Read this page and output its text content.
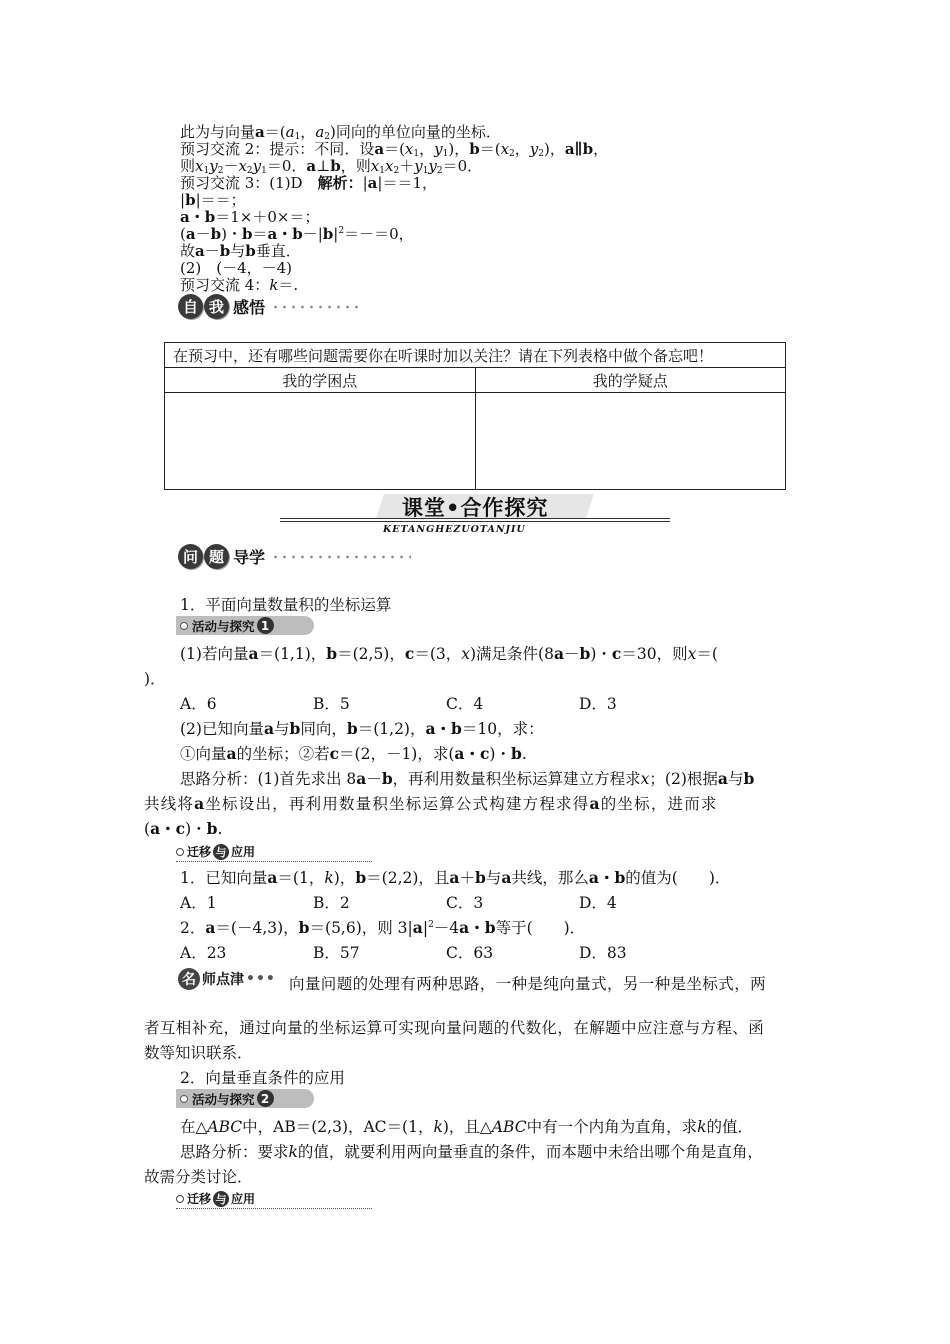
此为与向量$a=(a_1$，$a_2$)同向的单位向量的坐标．
预习交流 2：提示：不同．设$a=(x_1$，$y_1$)，$b=(x_2$，$y_2$)，a∥b，
则$x_1y_2-x_2y_1=0$．a⊥b，则$x_1x_2+y_1y_2=0$．
预习交流 3：(1)D　解析：|a|＝＝1，
|b|＝＝；
a・b＝1×＋0×＝；
(a－b)・b＝a・$b-|b|^2=-=0$，
故a－b与b垂直．
(2)　(－4，－4)
预习交流 4：k＝.
自 我 感悟
在预习中，还有哪些问题需要你在听课时加以关注？请在下列表格中做个备忘吧！	
我的学困点	我的学疑点

课堂•合作探究
KETANGHEZUOTANJIU
问 题 导学
1．平面向量数量积的坐标运算
活动与探究 1
(1)若向量a＝(1,1)，b＝(2,5)，c＝(3，x)满足条件(8a－b)・c＝30，则x＝(
)．
A．6	B．5	C．4	D．3
(2)已知向量a与b同向，b＝(1,2)，a・b＝10，求：
①向量a的坐标；②若c＝(2，－1)，求(a・c)・b.
思路分析：(1)首先求出 8a－b，再利用数量积坐标运算建立方程求x；(2)根据a与b
共线将a坐标设出，再利用数量积坐标运算公式构建方程求得a的坐标，进而求
(a・c)・b.
迁移 与 应用
1．已知向量a＝(1，k)，b＝(2,2)，且a＋b与a共线，那么a・b的值为(　　)．
A．1	B．2	C．3	D．4
2．a＝(－4,3)，b＝(5,6)，则 $3|a|^2-4a$・b等于(　　)．
A．23	B．57	C．63	D．83
名 师点津 ••• 向量问题的处理有两种思路，一种是纯向量式，另一种是坐标式，两
者互相补充，通过向量的坐标运算可实现向量问题的代数化，在解题中应注意与方程、函
数等知识联系．
2．向量垂直条件的应用
活动与探究 2
在△ABC中，AB＝(2,3)，AC＝(1，k)，且△ABC中有一个内角为直角，求k的值．
思路分析：要求k的值，就要利用两向量垂直的条件，而本题中未给出哪个角是直角，
故需分类讨论．
迁移 与 应用
